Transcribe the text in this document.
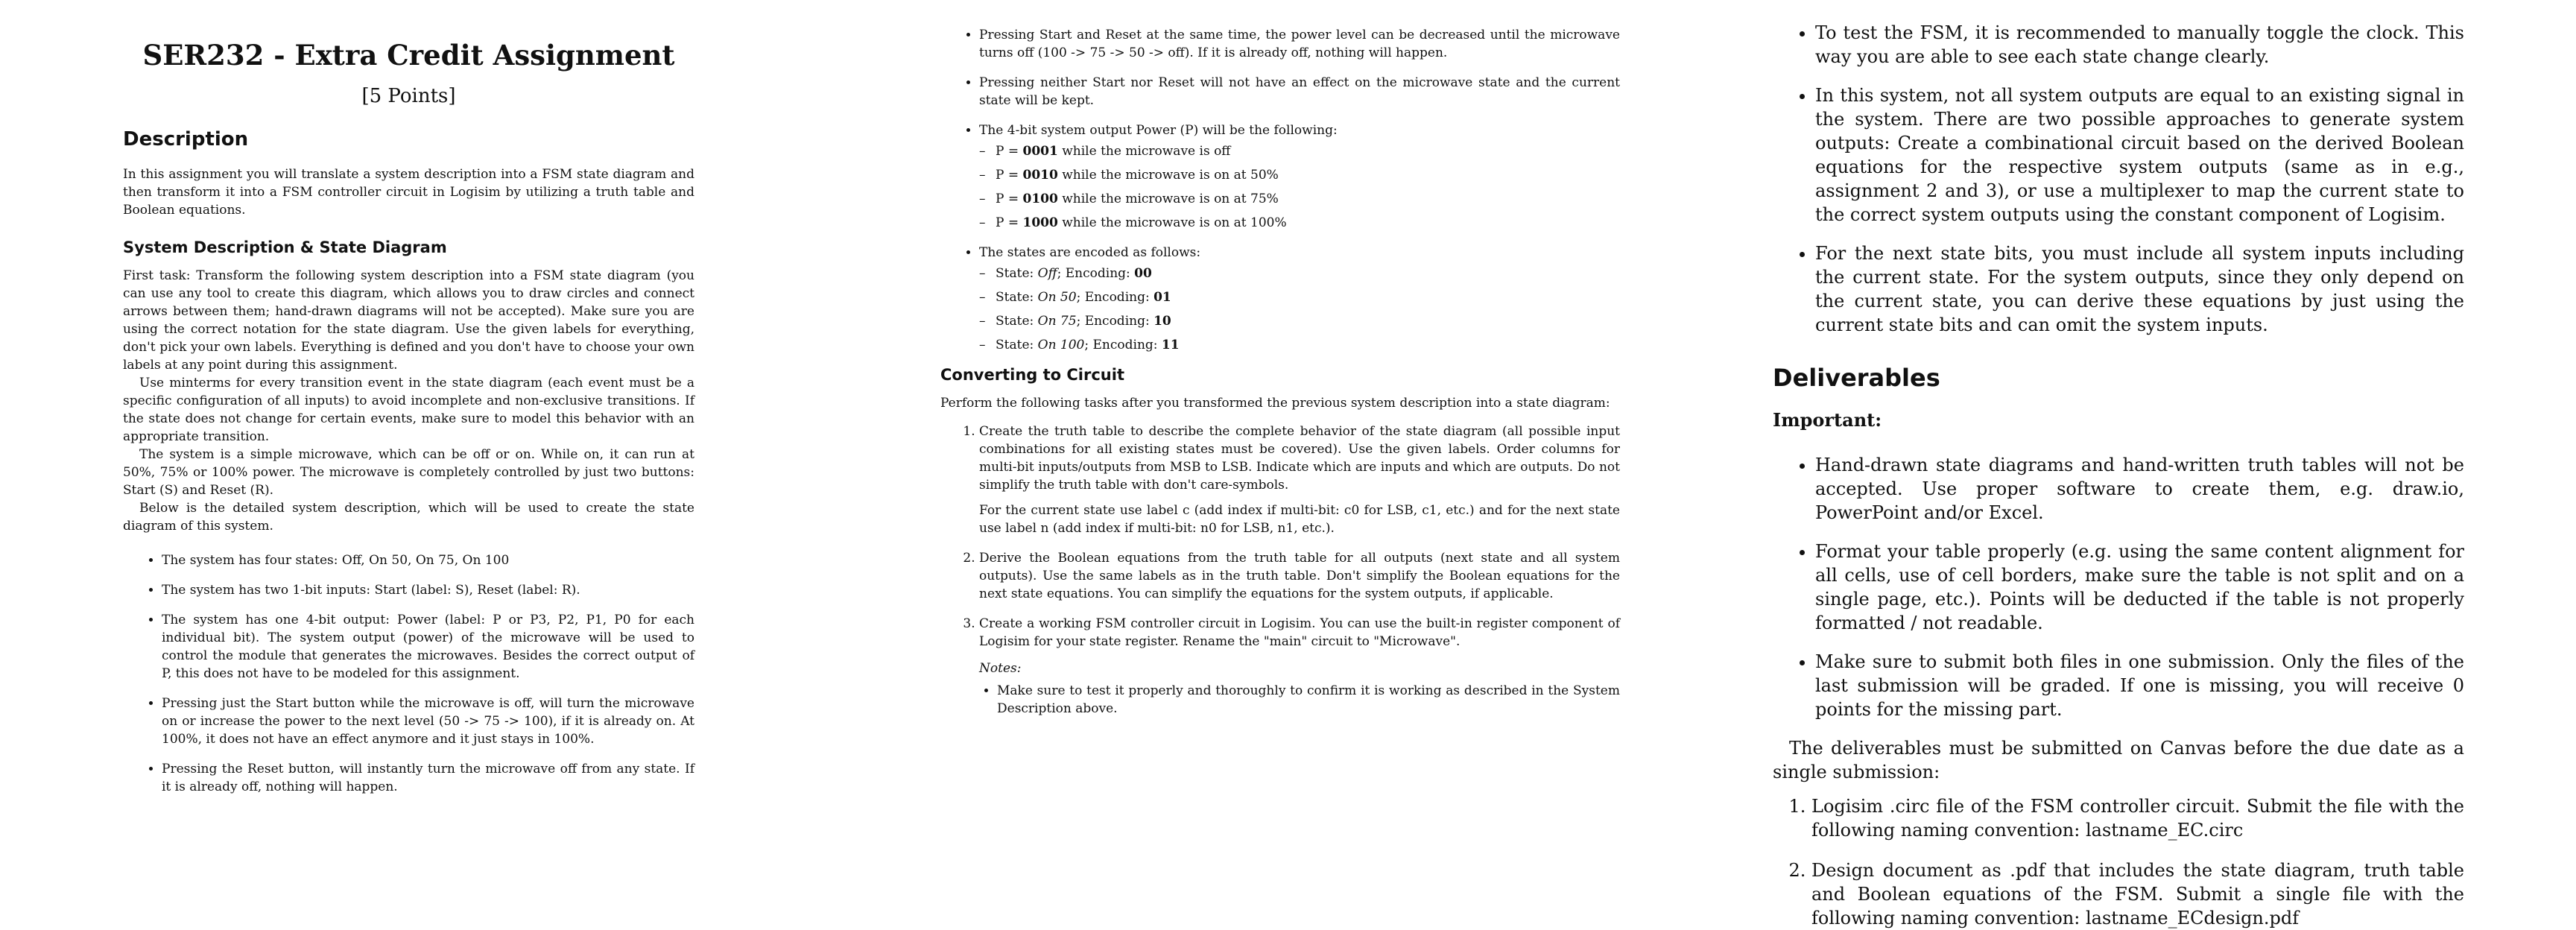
SER232 - Extra Credit Assignment
[5 Points]
Description

In this assignment you will translate a system description into a FSM state diagram and then transform it into a FSM controller circuit in Logisim by utilizing a truth table and Boolean equations.

System Description & State Diagram

First task: Transform the following system description into a FSM state diagram (you can use any tool to create this diagram, which allows you to draw circles and connect arrows between them; hand-drawn diagrams will not be accepted). Make sure you are using the correct notation for the state diagram. Use the given labels for everything, don't pick your own labels. Everything is defined and you don't have to choose your own labels at any point during this assignment.

Use minterms for every transition event in the state diagram (each event must be a specific configuration of all inputs) to avoid incomplete and non-exclusive transitions. If the state does not change for certain events, make sure to model this behavior with an appropriate transition.

The system is a simple microwave, which can be off or on. While on, it can run at 50%, 75% or 100% power. The microwave is completely controlled by just two buttons: Start (S) and Reset (R).

Below is the detailed system description, which will be used to create the state diagram of this system.

• The system has four states: Off, On 50, On 75, On 100
• The system has two 1-bit inputs: Start (label: S), Reset (label: R).
• The system has one 4-bit output: Power (label: P or P3, P2, P1, P0 for each individual bit). The system output (power) of the microwave will be used to control the module that generates the microwaves. Besides the correct output of P, this does not have to be modeled for this assignment.
• Pressing just the Start button while the microwave is off, will turn the microwave on or increase the power to the next level (50 -> 75 -> 100), if it is already on. At 100%, it does not have an effect anymore and it just stays in 100%.
• Pressing the Reset button, will instantly turn the microwave off from any state. If it is already off, nothing will happen.
• Pressing Start and Reset at the same time, the power level can be decreased until the microwave turns off (100 -> 75 -> 50 -> off). If it is already off, nothing will happen.
• Pressing neither Start nor Reset will not have an effect on the microwave state and the current state will be kept.
• The 4-bit system output Power (P) will be the following:
– P = 0001 while the microwave is off
– P = 0010 while the microwave is on at 50%
– P = 0100 while the microwave is on at 75%
– P = 1000 while the microwave is on at 100%
• The states are encoded as follows:
– State: Off; Encoding: 00
– State: On 50; Encoding: 01
– State: On 75; Encoding: 10
– State: On 100; Encoding: 11
Converting to Circuit

Perform the following tasks after you transformed the previous system description into a state diagram:

1. Create the truth table to describe the complete behavior of the state diagram (all possible input combinations for all existing states must be covered). Use the given labels. Order columns for multi-bit inputs/outputs from MSB to LSB. Indicate which are inputs and which are outputs. Do not simplify the truth table with don't care-symbols.

For the current state use label c (add index if multi-bit: c0 for LSB, c1, etc.) and for the next state use label n (add index if multi-bit: n0 for LSB, n1, etc.).

2. Derive the Boolean equations from the truth table for all outputs (next state and all system outputs). Use the same labels as in the truth table. Don't simplify the Boolean equations for the next state equations. You can simplify the equations for the system outputs, if applicable.
3. Create a working FSM controller circuit in Logisim. You can use the built-in register component of Logisim for your state register. Rename the "main" circuit to "Microwave".

Notes:

• Make sure to test it properly and thoroughly to confirm it is working as described in the System Description above.
• To test the FSM, it is recommended to manually toggle the clock. This way you are able to see each state change clearly.
• In this system, not all system outputs are equal to an existing signal in the system. There are two possible approaches to generate system outputs: Create a combinational circuit based on the derived Boolean equations for the respective system outputs (same as in e.g., assignment 2 and 3), or use a multiplexer to map the current state to the correct system outputs using the constant component of Logisim.
• For the next state bits, you must include all system inputs including the current state. For the system outputs, since they only depend on the current state, you can derive these equations by just using the current state bits and can omit the system inputs.
Deliverables

Important:

• Hand-drawn state diagrams and hand-written truth tables will not be accepted. Use proper software to create them, e.g. draw.io, PowerPoint and/or Excel.
• Format your table properly (e.g. using the same content alignment for all cells, use of cell borders, make sure the table is not split and on a single page, etc.). Points will be deducted if the table is not properly formatted / not readable.
• Make sure to submit both files in one submission. Only the files of the last submission will be graded. If one is missing, you will receive 0 points for the missing part.

The deliverables must be submitted on Canvas before the due date as a single submission:

1. Logisim .circ file of the FSM controller circuit. Submit the file with the following naming convention: lastname_EC.circ
2. Design document as .pdf that includes the state diagram, truth table and Boolean equations of the FSM. Submit a single file with the following naming convention: lastname_ECdesign.pdf
